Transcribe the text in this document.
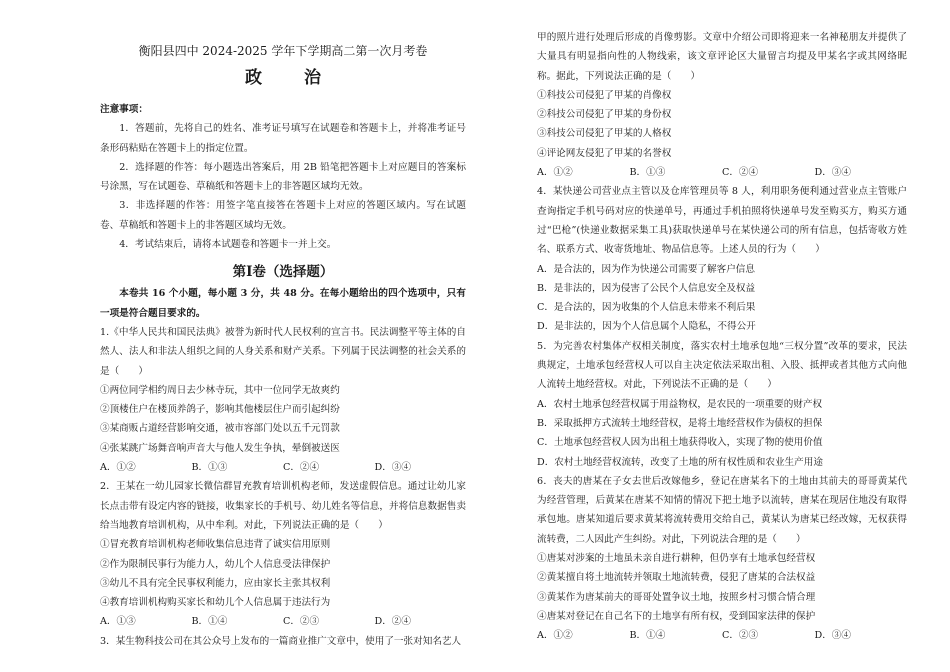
衡阳县四中 2024-2025 学年下学期高二第一次月考卷
政 治
注意事项：
1．答题前，先将自己的姓名、准考证号填写在试题卷和答题卡上，并将准考证号条形码粘贴在答题卡上的指定位置。
2．选择题的作答：每小题选出答案后，用 2B 铅笔把答题卡上对应题目的答案标号涂黑，写在试题卷、草稿纸和答题卡上的非答题区域均无效。
3．非选择题的作答：用签字笔直接答在答题卡上对应的答题区域内。写在试题卷、草稿纸和答题卡上的非答题区域均无效。
4．考试结束后，请将本试题卷和答题卡一并上交。
第Ⅰ卷（选择题）
本卷共 16 个小题，每小题 3 分，共 48 分。在每小题给出的四个选项中，只有一项是符合题目要求的。
1.《中华人民共和国民法典》被誉为新时代人民权利的宣言书。民法调整平等主体的自然人、法人和非法人组织之间的人身关系和财产关系。下列属于民法调整的社会关系的是（　　）
①两位同学相约周日去少林寺玩，其中一位同学无故爽约
②顶楼住户在楼顶养鸽子，影响其他楼层住户而引起纠纷
③某商贩占道经营影响交通，被市容部门处以五千元罚款
④张某跳广场舞音响声音大与他人发生争执，晕倒被送医
A．①②	B．①③	C．②④	D．③④
2．王某在一幼儿园家长微信群冒充教育培训机构老师，发送虚假信息。通过让幼儿家长点击带有设定内容的链接，收集家长的手机号、幼儿姓名等信息，并将信息数据售卖给当地教育培训机构，从中牟利。对此，下列说法正确的是（　　）
①冒充教育培训机构老师收集信息违背了诚实信用原则
②作为限制民事行为能力人，幼儿个人信息受法律保护
③幼儿不具有完全民事权利能力，应由家长主张其权利
④教育培训机构购买家长和幼儿个人信息属于违法行为
A．①③	B．①④	C．②③	D．②④
3．某生物科技公司在其公众号上发布的一篇商业推广文章中，使用了一张对知名艺人
甲的照片进行处理后形成的肖像剪影。文章中介绍公司即将迎来一名神秘朋友并提供了大量具有明显指向性的人物线索，该文章评论区大量留言均提及甲某名字或其网络昵称。据此，下列说法正确的是（　　）
①科技公司侵犯了甲某的肖像权
②科技公司侵犯了甲某的身份权
③科技公司侵犯了甲某的人格权
④评论网友侵犯了甲某的名誉权
A．①②	B．①③	C．②④	D．③④
4．某快递公司营业点主管以及仓库管理员等 8 人，利用职务便利通过营业点主管账户查询指定手机号码对应的快递单号，再通过手机拍照将快递单号发至购买方，购买方通过“巴枪”(快递业数据采集工具)获取快递单号在某快递公司的所有信息，包括寄收方姓名、联系方式、收寄货地址、物品信息等。上述人员的行为（　　）
A．是合法的，因为作为快递公司需要了解客户信息
B．是非法的，因为侵害了公民个人信息安全及权益
C．是合法的，因为收集的个人信息未带来不利后果
D．是非法的，因为个人信息属个人隐私，不得公开
5．为完善农村集体产权相关制度，落实农村土地承包地“三权分置”改革的要求，民法典规定，土地承包经营权人可以自主决定依法采取出租、入股、抵押或者其他方式向他人流转土地经营权。对此，下列说法不正确的是（　　）
A．农村土地承包经营权属于用益物权，是农民的一项重要的财产权
B．采取抵押方式流转土地经营权，是将土地经营权作为债权的担保
C．土地承包经营权人因为出租土地获得收入，实现了物的使用价值
D．农村土地经营权流转，改变了土地的所有权性质和农业生产用途
6．丧夫的唐某在子女去世后改嫁他乡，登记在唐某名下的土地由其前夫的哥哥黄某代为经营管理，后黄某在唐某不知情的情况下把土地予以流转，唐某在现居住地没有取得承包地。唐某知道后要求黄某将流转费用交给自己，黄某认为唐某已经改嫁，无权获得流转费，二人因此产生纠纷。对此，下列说法合理的是（　　）
①唐某对涉案的土地虽未亲自进行耕种，但仍享有土地承包经营权
②黄某擅自将土地流转并领取土地流转费，侵犯了唐某的合法权益
③黄某作为唐某前夫的哥哥处置争议土地，按照乡村习惯合情合理
④唐某对登记在自己名下的土地享有所有权，受到国家法律的保护
A．①②	B．①④	C．②③	D．③④
